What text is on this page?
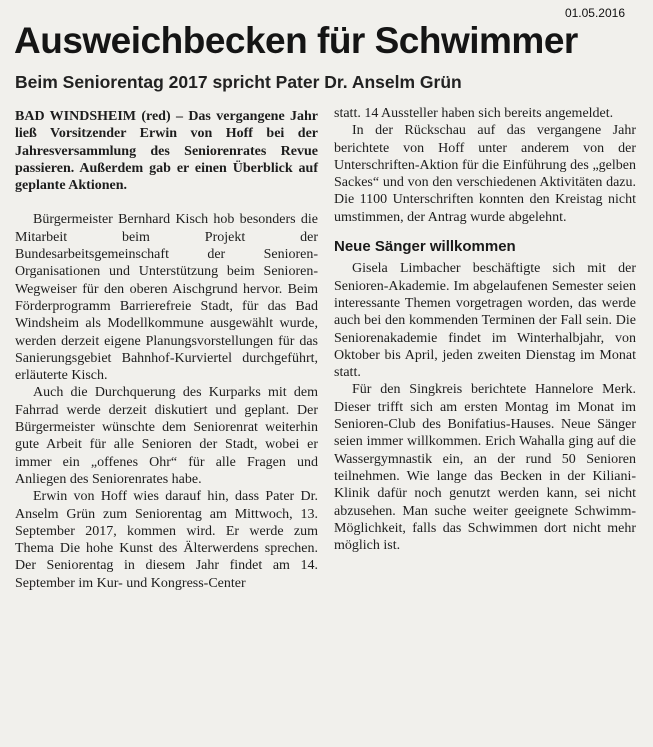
01.05.2016
Ausweichbecken für Schwimmer
Beim Seniorentag 2017 spricht Pater Dr. Anselm Grün

BAD WINDSHEIM (red) – Das vergangene Jahr ließ Vorsitzender Erwin von Hoff bei der Jahresversammlung des Seniorenrates Revue passieren. Außerdem gab er einen Überblick auf geplante Aktionen.

Bürgermeister Bernhard Kisch hob besonders die Mitarbeit beim Projekt der Bundesarbeitsgemeinschaft der Senioren-Organisationen und Unterstützung beim Senioren-Wegweiser für den oberen Aischgrund hervor. Beim Förderprogramm Barrierefreie Stadt, für das Bad Windsheim als Modellkommune ausgewählt wurde, werden derzeit eigene Planungsvorstellungen für das Sanierungsgebiet Bahnhof-Kurviertel durchgeführt, erläuterte Kisch.

Auch die Durchquerung des Kurparks mit dem Fahrrad werde derzeit diskutiert und geplant. Der Bürgermeister wünschte dem Seniorenrat weiterhin gute Arbeit für alle Senioren der Stadt, wobei er immer ein „offenes Ohr“ für alle Fragen und Anliegen des Seniorenrates habe.

Erwin von Hoff wies darauf hin, dass Pater Dr. Anselm Grün zum Seniorentag am Mittwoch, 13. September 2017, kommen wird. Er werde zum Thema Die hohe Kunst des Älterwerdens sprechen. Der Seniorentag in diesem Jahr findet am 14. September im Kur- und Kongress-Center

statt. 14 Aussteller haben sich bereits angemeldet.

In der Rückschau auf das vergangene Jahr berichtete von Hoff unter anderem von der Unterschriften-Aktion für die Einführung des „gelben Sackes“ und von den verschiedenen Aktivitäten dazu. Die 1100 Unterschriften konnten den Kreistag nicht umstimmen, der Antrag wurde abgelehnt.

Neue Sänger willkommen

Gisela Limbacher beschäftigte sich mit der Senioren-Akademie. Im abgelaufenen Semester seien interessante Themen vorgetragen worden, das werde auch bei den kommenden Terminen der Fall sein. Die Seniorenakademie findet im Winterhalbjahr, von Oktober bis April, jeden zweiten Dienstag im Monat statt.

Für den Singkreis berichtete Hannelore Merk. Dieser trifft sich am ersten Montag im Monat im Senioren-Club des Bonifatius-Hauses. Neue Sänger seien immer willkommen. Erich Wahalla ging auf die Wassergymnastik ein, an der rund 50 Senioren teilnehmen. Wie lange das Becken in der Kiliani-Klinik dafür noch genutzt werden kann, sei nicht abzusehen. Man suche weiter geeignete Schwimm-Möglichkeit, falls das Schwimmen dort nicht mehr möglich ist.
